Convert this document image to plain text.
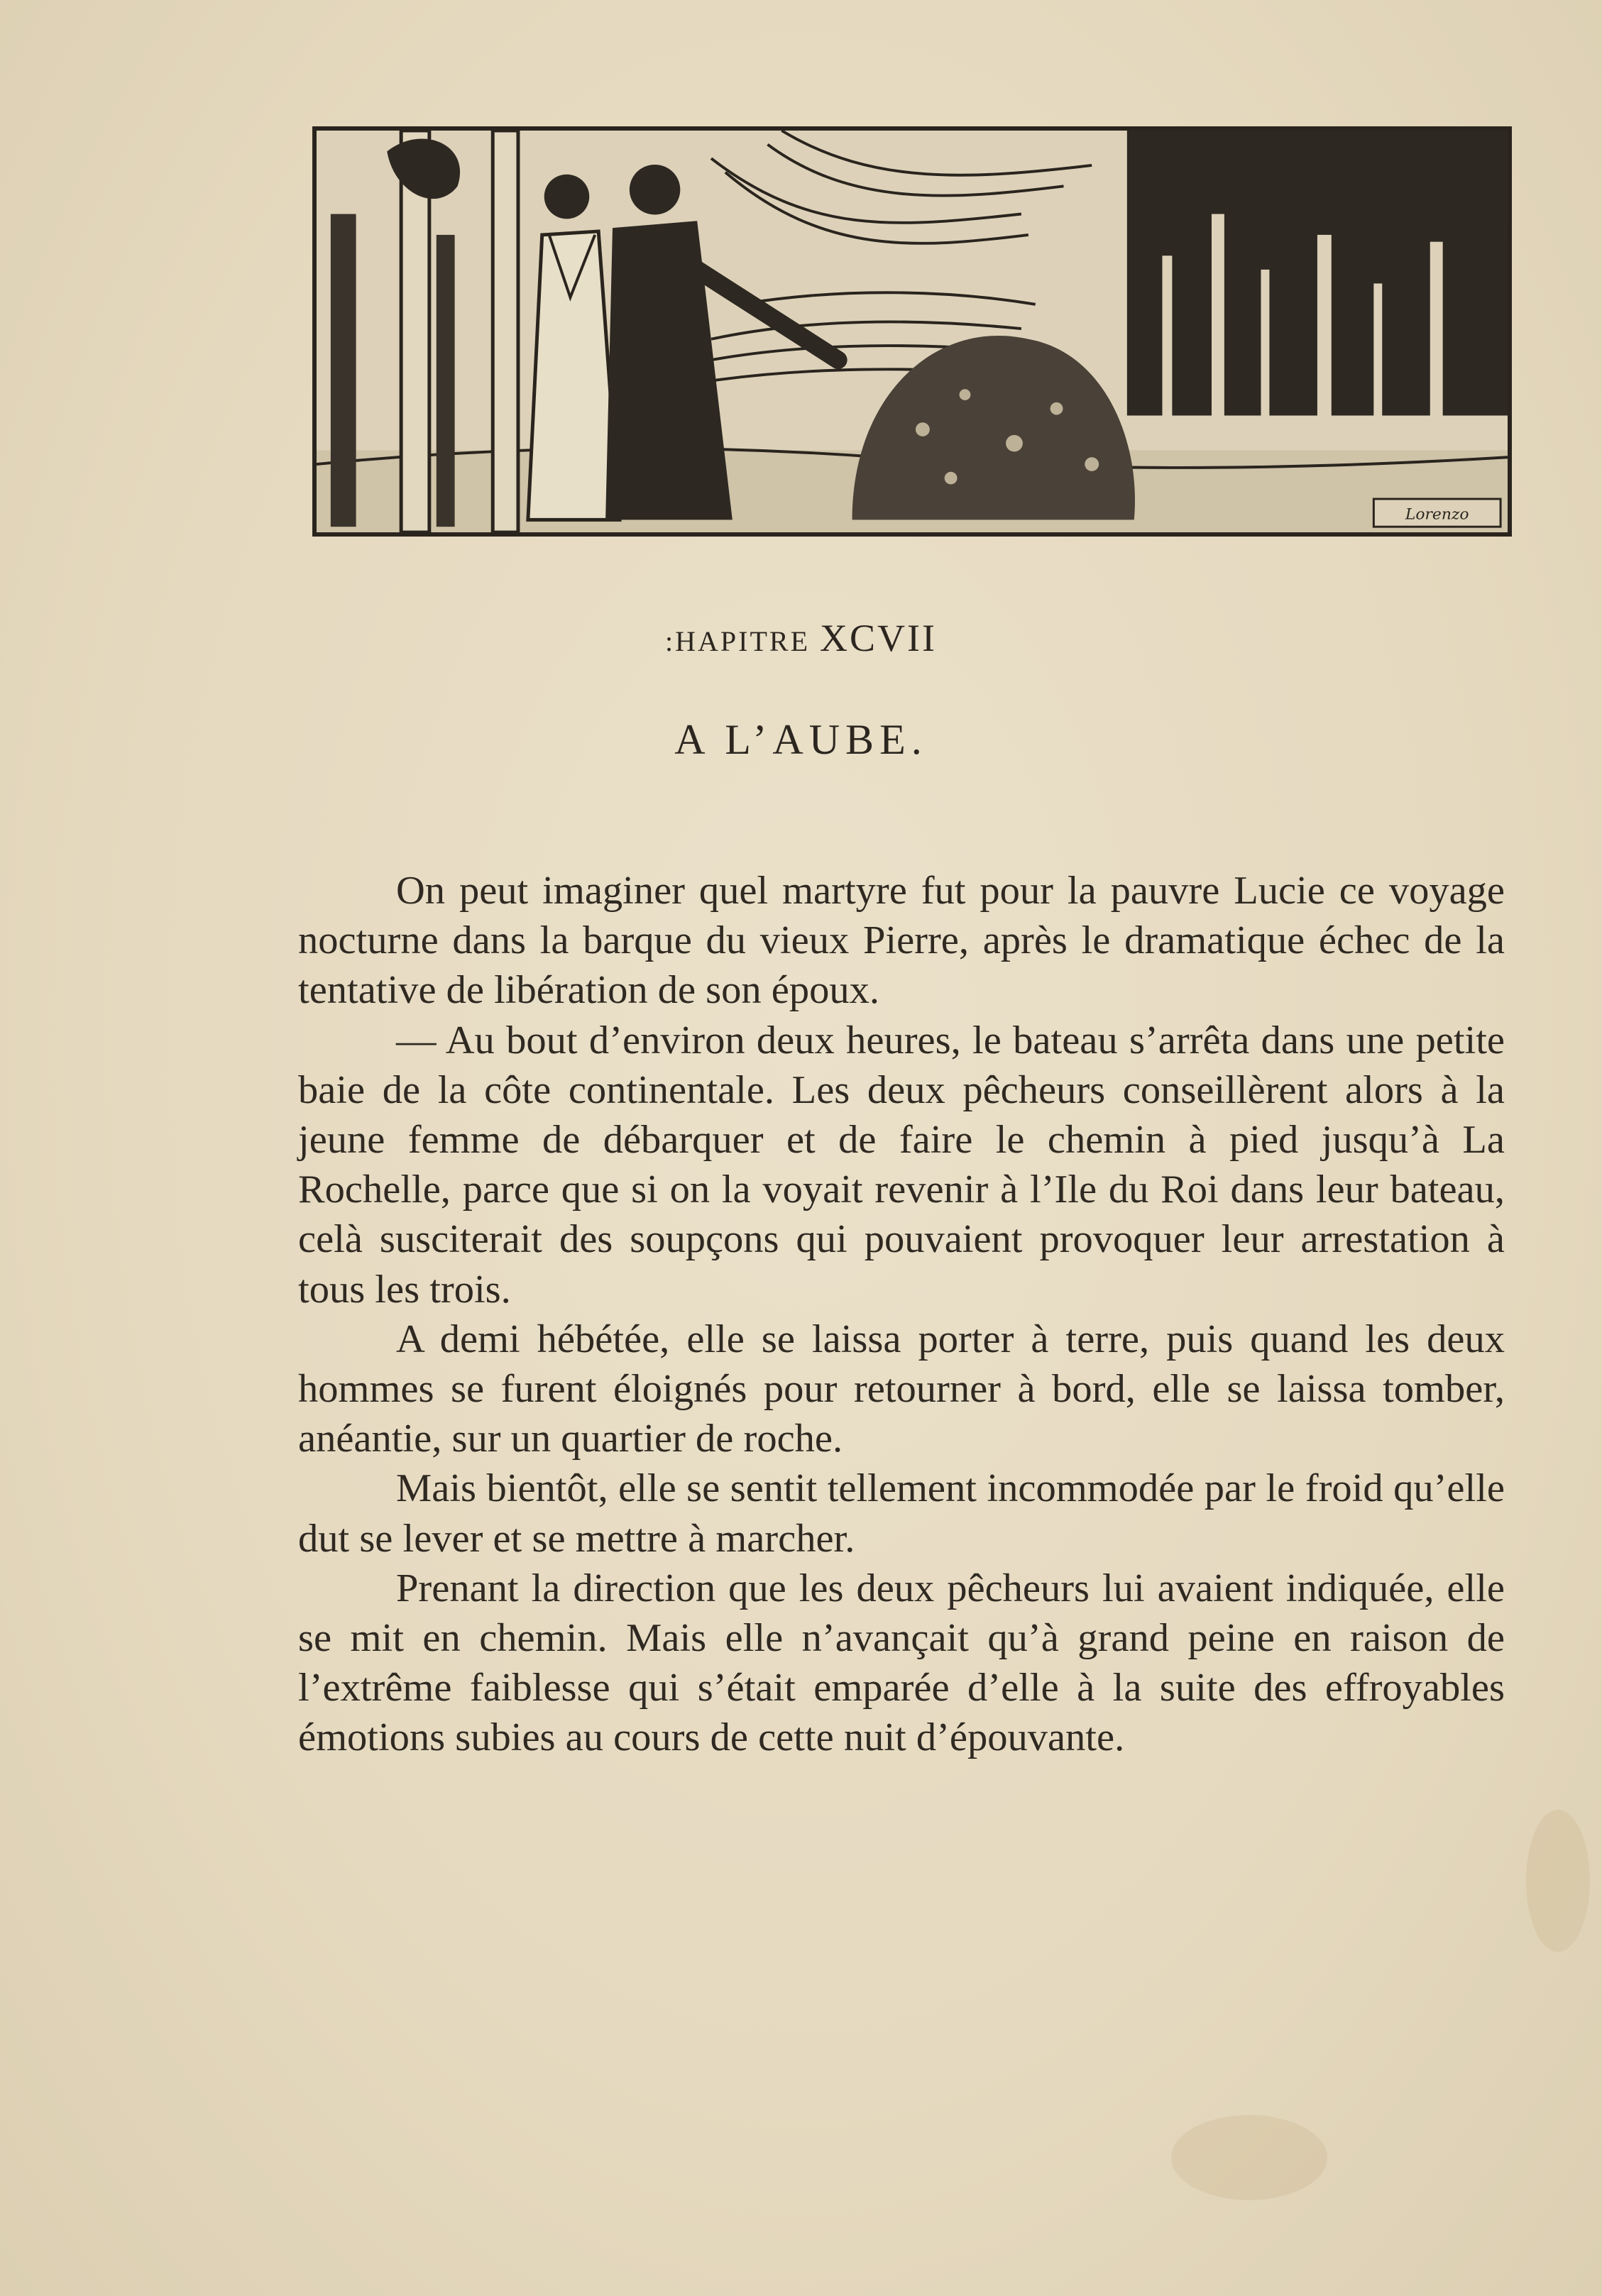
Lorenzo
:HAPITRE XCVII
A L’AUBE.

On peut imaginer quel martyre fut pour la pauvre Lucie ce voyage nocturne dans la barque du vieux Pierre, après le dramatique échec de la tentative de libération de son époux.

— Au bout d’environ deux heures, le bateau s’arrêta dans une petite baie de la côte continentale. Les deux pêcheurs conseillèrent alors à la jeune femme de débarquer et de faire le chemin à pied jusqu’à La Rochelle, parce que si on la voyait revenir à l’Ile du Roi dans leur bateau, celà susciterait des soupçons qui pouvaient provoquer leur arrestation à tous les trois.

A demi hébétée, elle se laissa porter à terre, puis quand les deux hommes se furent éloignés pour retourner à bord, elle se laissa tomber, anéantie, sur un quartier de roche.

Mais bientôt, elle se sentit tellement incommodée par le froid qu’elle dut se lever et se mettre à marcher.

Prenant la direction que les deux pêcheurs lui avaient indiquée, elle se mit en chemin. Mais elle n’avançait qu’à grand peine en raison de l’extrême faiblesse qui s’était emparée d’elle à la suite des effroyables émotions subies au cours de cette nuit d’épouvante.
